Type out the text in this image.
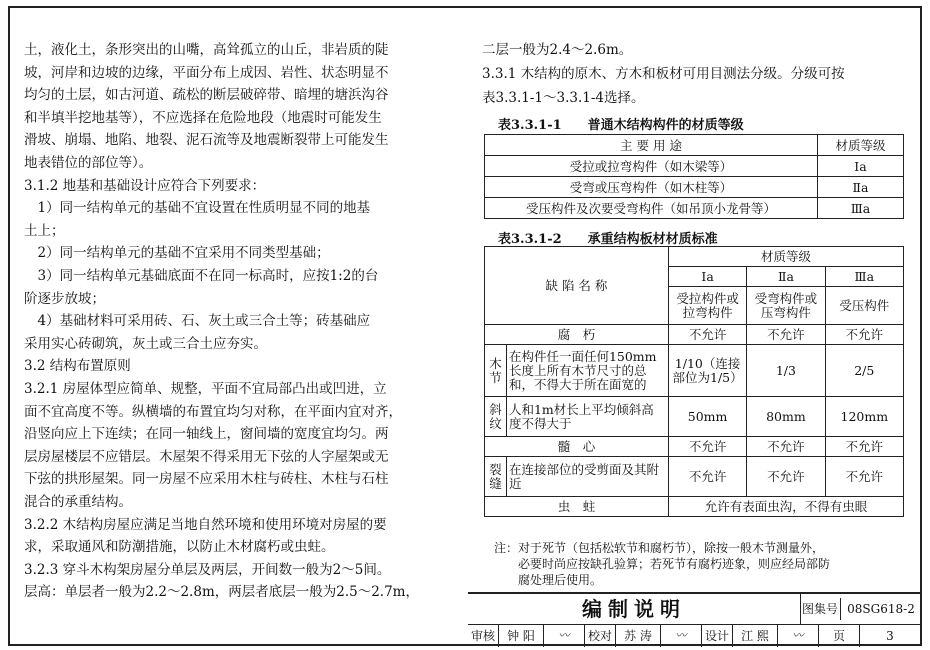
土，液化土，条形突出的山嘴，高耸孤立的山丘，非岩质的陡
坡，河岸和边坡的边缘，平面分布上成因、岩性、状态明显不
均匀的土层，如古河道、疏松的断层破碎带、暗埋的塘浜沟谷
和半填半挖地基等），不应选择在危险地段（地震时可能发生
滑坡、崩塌、地陷、地裂、泥石流等及地震断裂带上可能发生
地表错位的部位等）。
3.1.2 地基和基础设计应符合下列要求：
　1）同一结构单元的基础不宜设置在性质明显不同的地基
土上；
　2）同一结构单元的基础不宜采用不同类型基础；
　3）同一结构单元基础底面不在同一标高时，应按1:2的台
阶逐步放坡；
　4）基础材料可采用砖、石、灰土或三合土等；砖基础应
采用实心砖砌筑，灰土或三合土应夯实。
3.2 结构布置原则
3.2.1 房屋体型应简单、规整，平面不宜局部凸出或凹进，立
面不宜高度不等。纵横墙的布置宜均匀对称，在平面内宜对齐，
沿竖向应上下连续；在同一轴线上，窗间墙的宽度宜均匀。两
层房屋楼层不应错层。木屋架不得采用无下弦的人字屋架或无
下弦的拱形屋架。同一房屋不应采用木柱与砖柱、木柱与石柱
混合的承重结构。
3.2.2 木结构房屋应满足当地自然环境和使用环境对房屋的要
求，采取通风和防潮措施，以防止木材腐朽或虫蛀。
3.2.3 穿斗木构架房屋分单层及两层，开间数一般为2～5间。
层高：单层者一般为2.2～2.8m，两层者底层一般为2.5～2.7m，
二层一般为2.4～2.6m。
3.3.1 木结构的原木、方木和板材可用目测法分级。分级可按
表3.3.1-1～3.3.1-4选择。
表3.3.1-1　　普通木结构构件的材质等级
主 要 用 途	材质等级
受拉或拉弯构件（如木梁等）	Ⅰa
受弯或压弯构件（如木柱等）	Ⅱa
受压构件及次要受弯构件（如吊顶小龙骨等）	Ⅲa
表3.3.1-2　　承重结构板材材质标准
缺 陷 名 称		材质等级		
		Ⅰa	Ⅱa	Ⅲa
		受拉构件或拉弯构件	受弯构件或压弯构件	受压构件
腐　朽		不允许	不允许	不允许
木节	在构件任一面任何150mm长度上所有木节尺寸的总和，不得大于所在面宽的	1/10（连接部位为1/5）	1/3	2/5
斜纹	人和1m材长上平均倾斜高度不得大于	50mm	80mm	120mm
髓　心		不允许	不允许	不允许
裂缝	在连接部位的受剪面及其附近	不允许	不允许	不允许
虫　蛀		允许有表面虫沟，不得有虫眼		
注：对于死节（包括松软节和腐朽节），除按一般木节测量外，
　　必要时尚应按缺孔验算；若死节有腐朽迹象，则应经局部防
　　腐处理后使用。
编制说明	图集号 08SG618-2
审核	钟 阳	〰	校对	苏 涛	〰	设计	江 熙	〰	页	3
